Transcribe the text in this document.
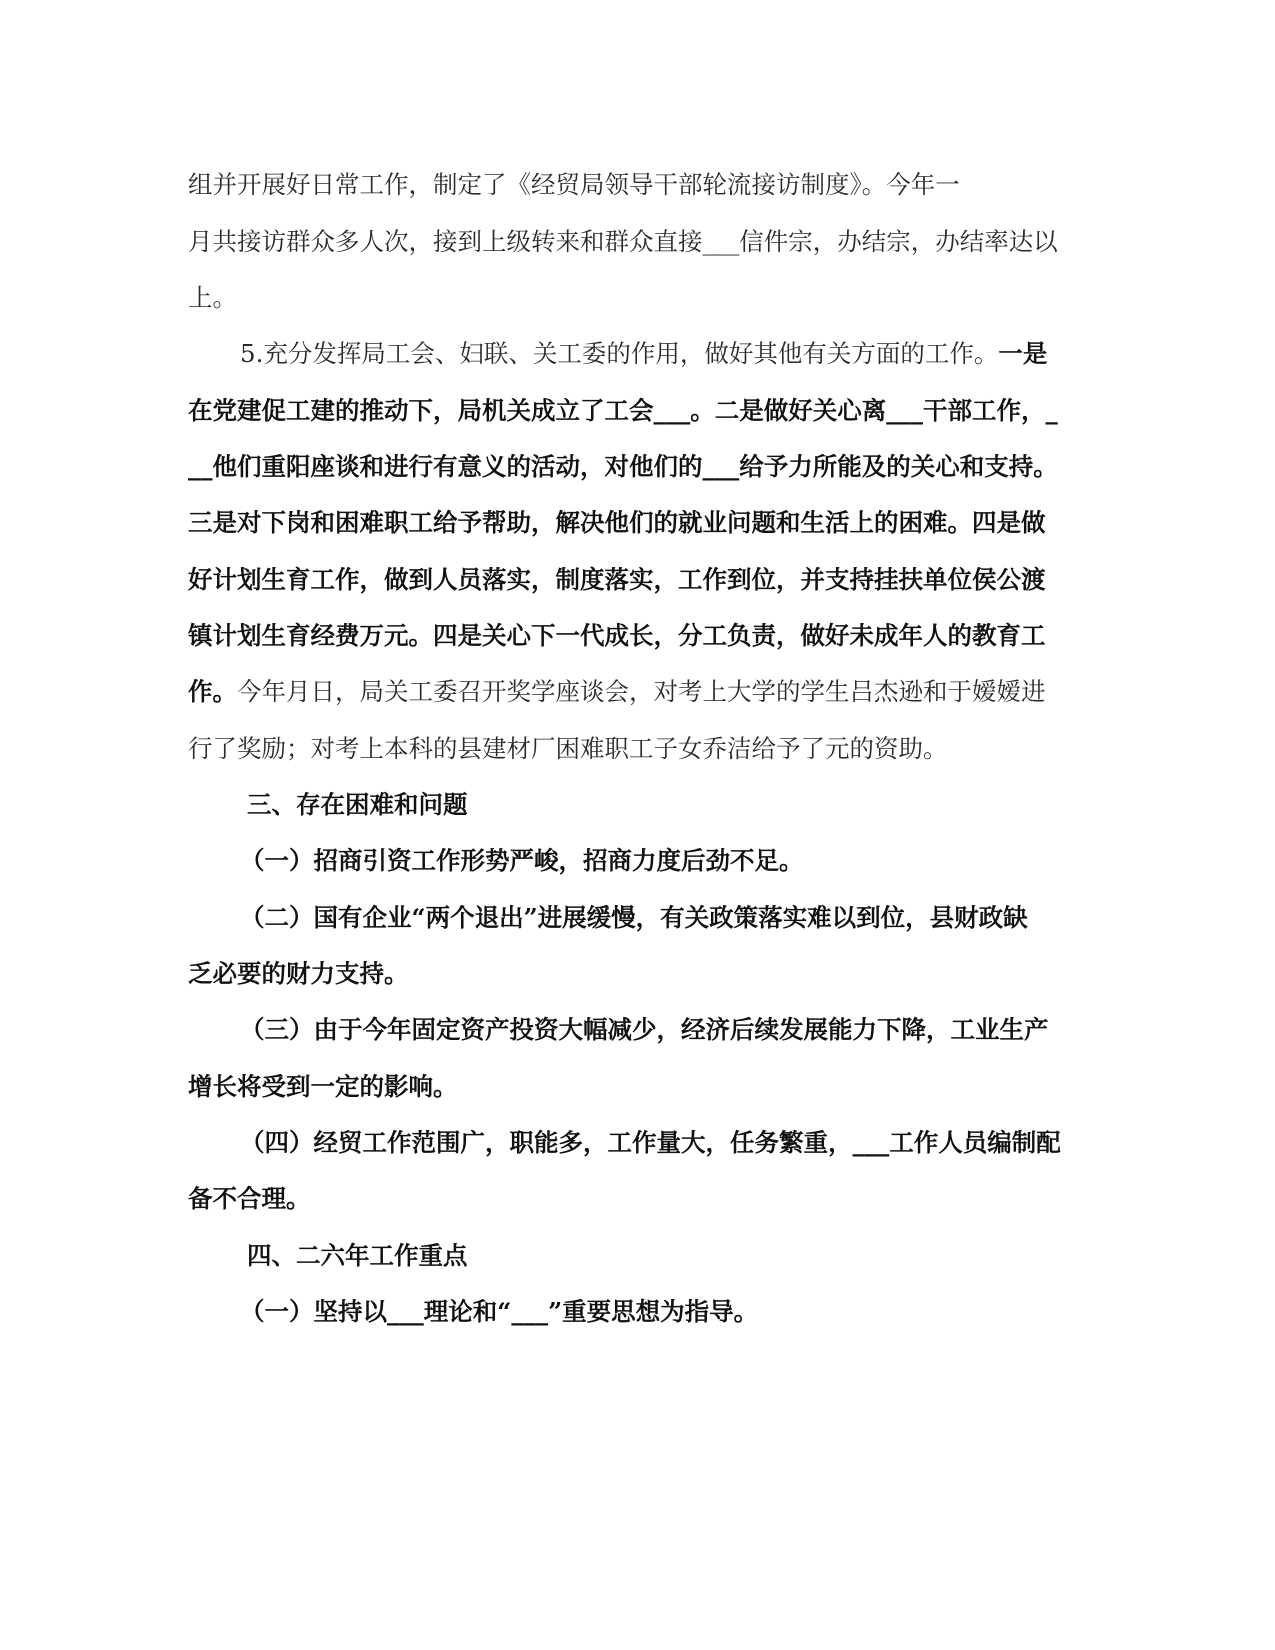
组并开展好日常工作，制定了《经贸局领导干部轮流接访制度》。今年一
月共接访群众多人次，接到上级转来和群众直接___信件宗，办结宗，办结率达以
上。
5.充分发挥局工会、妇联、关工委的作用，做好其他有关方面的工作。一是
在党建促工建的推动下，局机关成立了工会___。二是做好关心离___干部工作，_
__他们重阳座谈和进行有意义的活动，对他们的___给予力所能及的关心和支持。
三是对下岗和困难职工给予帮助，解决他们的就业问题和生活上的困难。四是做
好计划生育工作，做到人员落实，制度落实，工作到位，并支持挂扶单位侯公渡
镇计划生育经费万元。四是关心下一代成长，分工负责，做好未成年人的教育工
作。今年月日，局关工委召开奖学座谈会，对考上大学的学生吕杰逊和于嫒嫒进
行了奖励；对考上本科的县建材厂困难职工子女乔洁给予了元的资助。
三、存在困难和问题
（一）招商引资工作形势严峻，招商力度后劲不足。
（二）国有企业“两个退出”进展缓慢，有关政策落实难以到位，县财政缺
乏必要的财力支持。
（三）由于今年固定资产投资大幅减少，经济后续发展能力下降，工业生产
增长将受到一定的影响。
（四）经贸工作范围广，职能多，工作量大，任务繁重，___工作人员编制配
备不合理。
四、二六年工作重点
（一）坚持以___理论和“___”重要思想为指导。
